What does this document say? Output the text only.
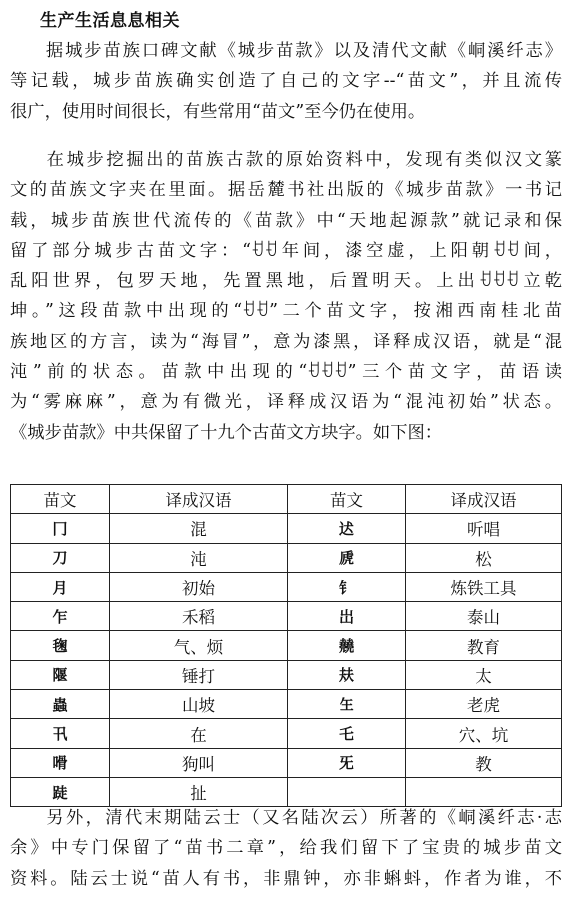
生产生活息息相关
据城步苗族口碑文献《城步苗款》以及清代文献《峒溪纤志》
等记载，城步苗族确实创造了自己的文字--“苗文”，并且流传
很广，使用时间很长，有些常用“苗文”至今仍在使用。
在城步挖掘出的苗族古款的原始资料中，发现有类似汉文篆
文的苗族文字夹在里面。据岳麓书社出版的《城步苗款》一书记
载，城步苗族世代流传的《苗款》中“天地起源款”就记录和保
留了部分城步古苗文字：“ꀀꀀ年间，漆空虚，上阳朝ꀀꀀ间，
乱阳世界，包罗天地，先置黑地，后置明天。上出ꀀꀀꀀ立乾
坤。”这段苗款中出现的“ꀀꀀ”二个苗文字，按湘西南桂北苗
族地区的方言，读为“海冒”，意为漆黑，译释成汉语，就是“混
沌”前的状态。苗款中出现的“ꀀꀀꀀ”三个苗文字，苗语读
为“雾麻麻”，意为有微光，译释成汉语为“混沌初始”状态。
《城步苗款》中共保留了十九个古苗文方块字。如下图：
苗文	译成汉语	苗文	译成汉语
冂	混	迖	听唱
刀	沌	虒	松
月	初始	钅	炼铁工具
乍	禾稻	岀	泰山
毱	气、烦	㚁	教育
隁	锤打	㚘	太
蟲	山坡	玍	老虎
卂	在	乇	穴、坑
嗗	狗叫	旡	教
跿	扯		
另外，清代末期陆云士（又名陆次云）所著的《峒溪纤志·志
余》中专门保留了“苗书二章”，给我们留下了宝贵的城步苗文
资料。陆云士说“苗人有书，非鼎钟，亦非蝌蚪，作者为谁，不
